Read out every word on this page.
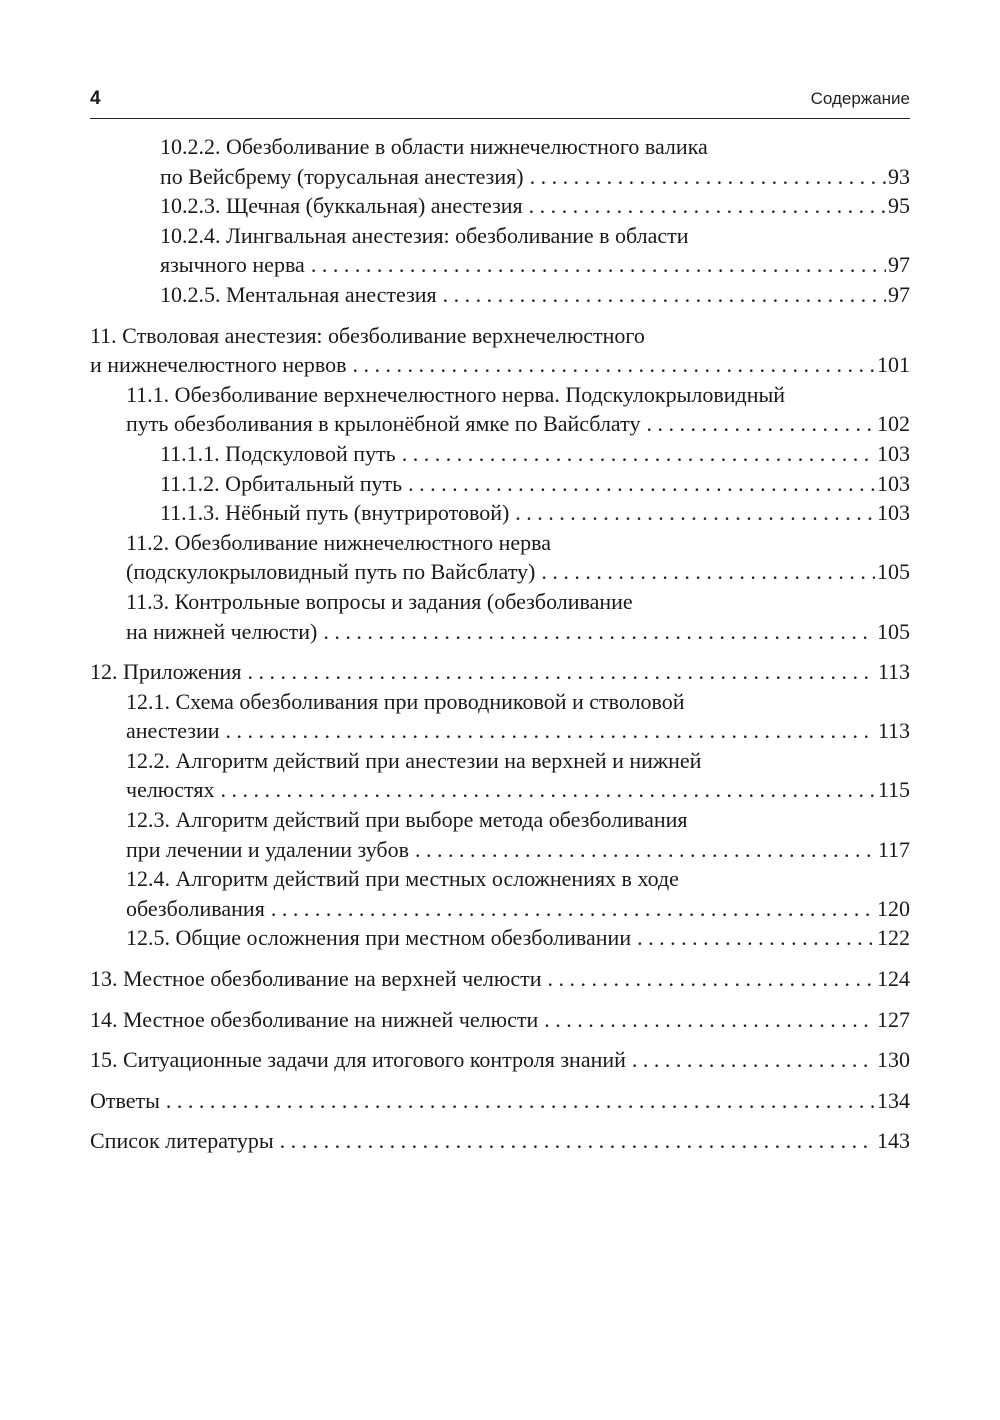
4	Содержание
10.2.2. Обезболивание в области нижнечелюстного валика
по Вейсбрему (торусальная анестезия) . . .	93
10.2.3. Щечная (буккальная) анестезия . . .	95
10.2.4. Лингвальная анестезия: обезболивание в области
язычного нерва . . .	97
10.2.5. Ментальная анестезия . . .	97
11. Стволовая анестезия: обезболивание верхнечелюстного
и нижнечелюстного нервов . . .	101
11.1. Обезболивание верхнечелюстного нерва. Подскулокрыловидный
путь обезболивания в крылонёбной ямке по Вайсблату . . .	102
11.1.1. Подскуловой путь . . .	103
11.1.2. Орбитальный путь . . .	103
11.1.3. Нёбный путь (внутриротовой) . . .	103
11.2. Обезболивание нижнечелюстного нерва
(подскулокрыловидный путь по Вайсблату) . . .	105
11.3. Контрольные вопросы и задания (обезболивание
на нижней челюсти) . . .	105
12. Приложения . . .	113
12.1. Схема обезболивания при проводниковой и стволовой
анестезии . . .	113
12.2. Алгоритм действий при анестезии на верхней и нижней
челюстях . . .	115
12.3. Алгоритм действий при выборе метода обезболивания
при лечении и удалении зубов . . .	117
12.4. Алгоритм действий при местных осложнениях в ходе
обезболивания . . .	120
12.5. Общие осложнения при местном обезболивании . . .	122
13. Местное обезболивание на верхней челюсти . . .	124
14. Местное обезболивание на нижней челюсти . . .	127
15. Ситуационные задачи для итогового контроля знаний . . .	130
Ответы . . .	134
Список литературы . . .	143
